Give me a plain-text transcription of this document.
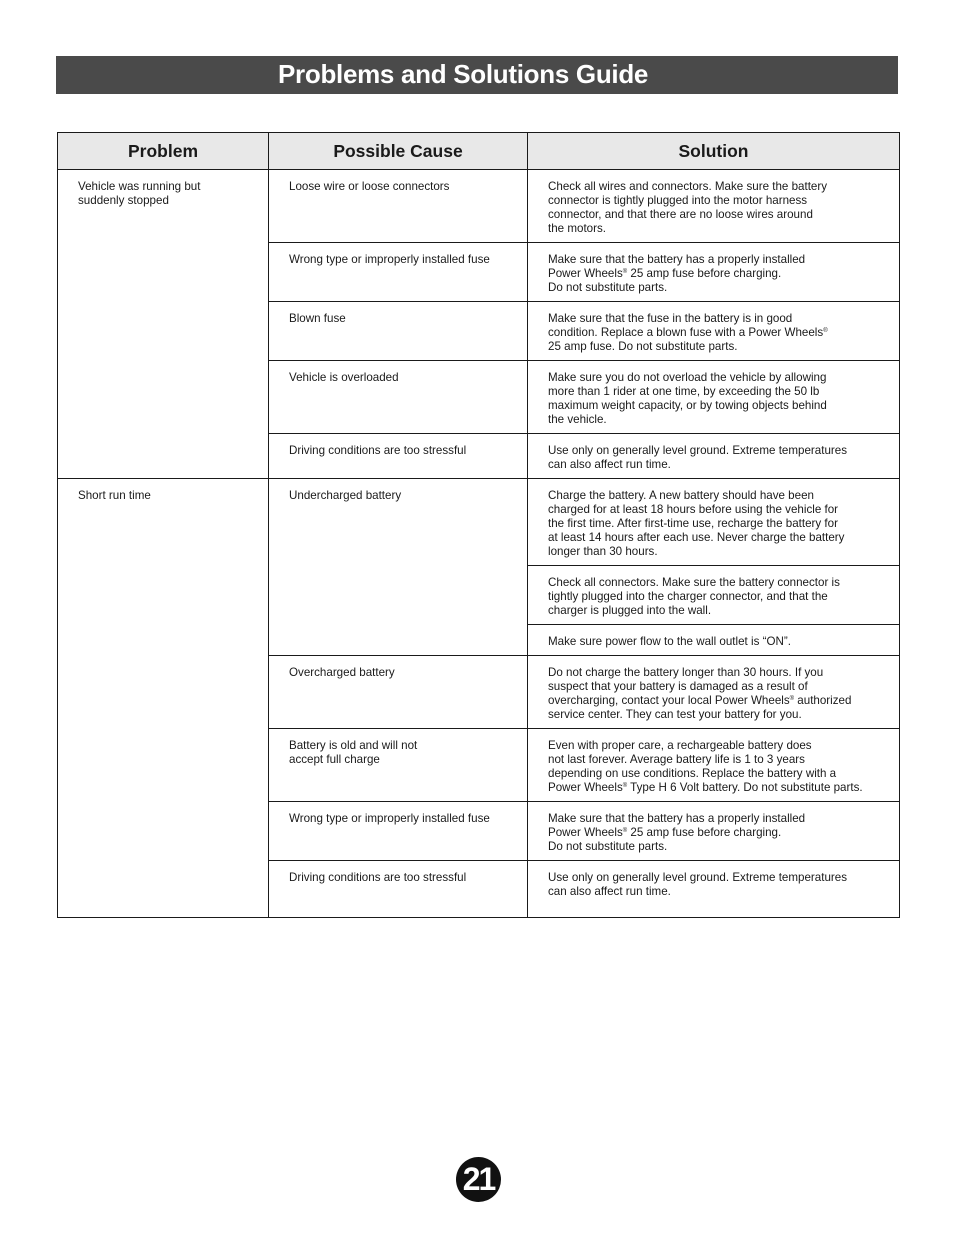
Problems and Solutions Guide
Problem	Possible Cause	Solution
Vehicle was running but
suddenly stopped	Loose wire or loose connectors	Check all wires and connectors. Make sure the battery
connector is tightly plugged into the motor harness
connector, and that there are no loose wires around
the motors.
	Wrong type or improperly installed fuse	Make sure that the battery has a properly installed
Power Wheels® 25 amp fuse before charging.
Do not substitute parts.
	Blown fuse	Make sure that the fuse in the battery is in good
condition. Replace a blown fuse with a Power Wheels®
25 amp fuse. Do not substitute parts.
	Vehicle is overloaded	Make sure you do not overload the vehicle by allowing
more than 1 rider at one time, by exceeding the 50 lb
maximum weight capacity, or by towing objects behind
the vehicle.
	Driving conditions are too stressful	Use only on generally level ground. Extreme temperatures
can also affect run time.
Short run time	Undercharged battery	Charge the battery. A new battery should have been
charged for at least 18 hours before using the vehicle for
the first time. After first-time use, recharge the battery for
at least 14 hours after each use. Never charge the battery
longer than 30 hours.
		Check all connectors. Make sure the battery connector is
tightly plugged into the charger connector, and that the
charger is plugged into the wall.
		Make sure power flow to the wall outlet is “ON”.
	Overcharged battery	Do not charge the battery longer than 30 hours. If you
suspect that your battery is damaged as a result of
overcharging, contact your local Power Wheels® authorized
service center. They can test your battery for you.
	Battery is old and will not
accept full charge	Even with proper care, a rechargeable battery does
not last forever. Average battery life is 1 to 3 years
depending on use conditions. Replace the battery with a
Power Wheels® Type H 6 Volt battery. Do not substitute parts.
	Wrong type or improperly installed fuse	Make sure that the battery has a properly installed
Power Wheels® 25 amp fuse before charging.
Do not substitute parts.
	Driving conditions are too stressful	Use only on generally level ground. Extreme temperatures
can also affect run time.
21
